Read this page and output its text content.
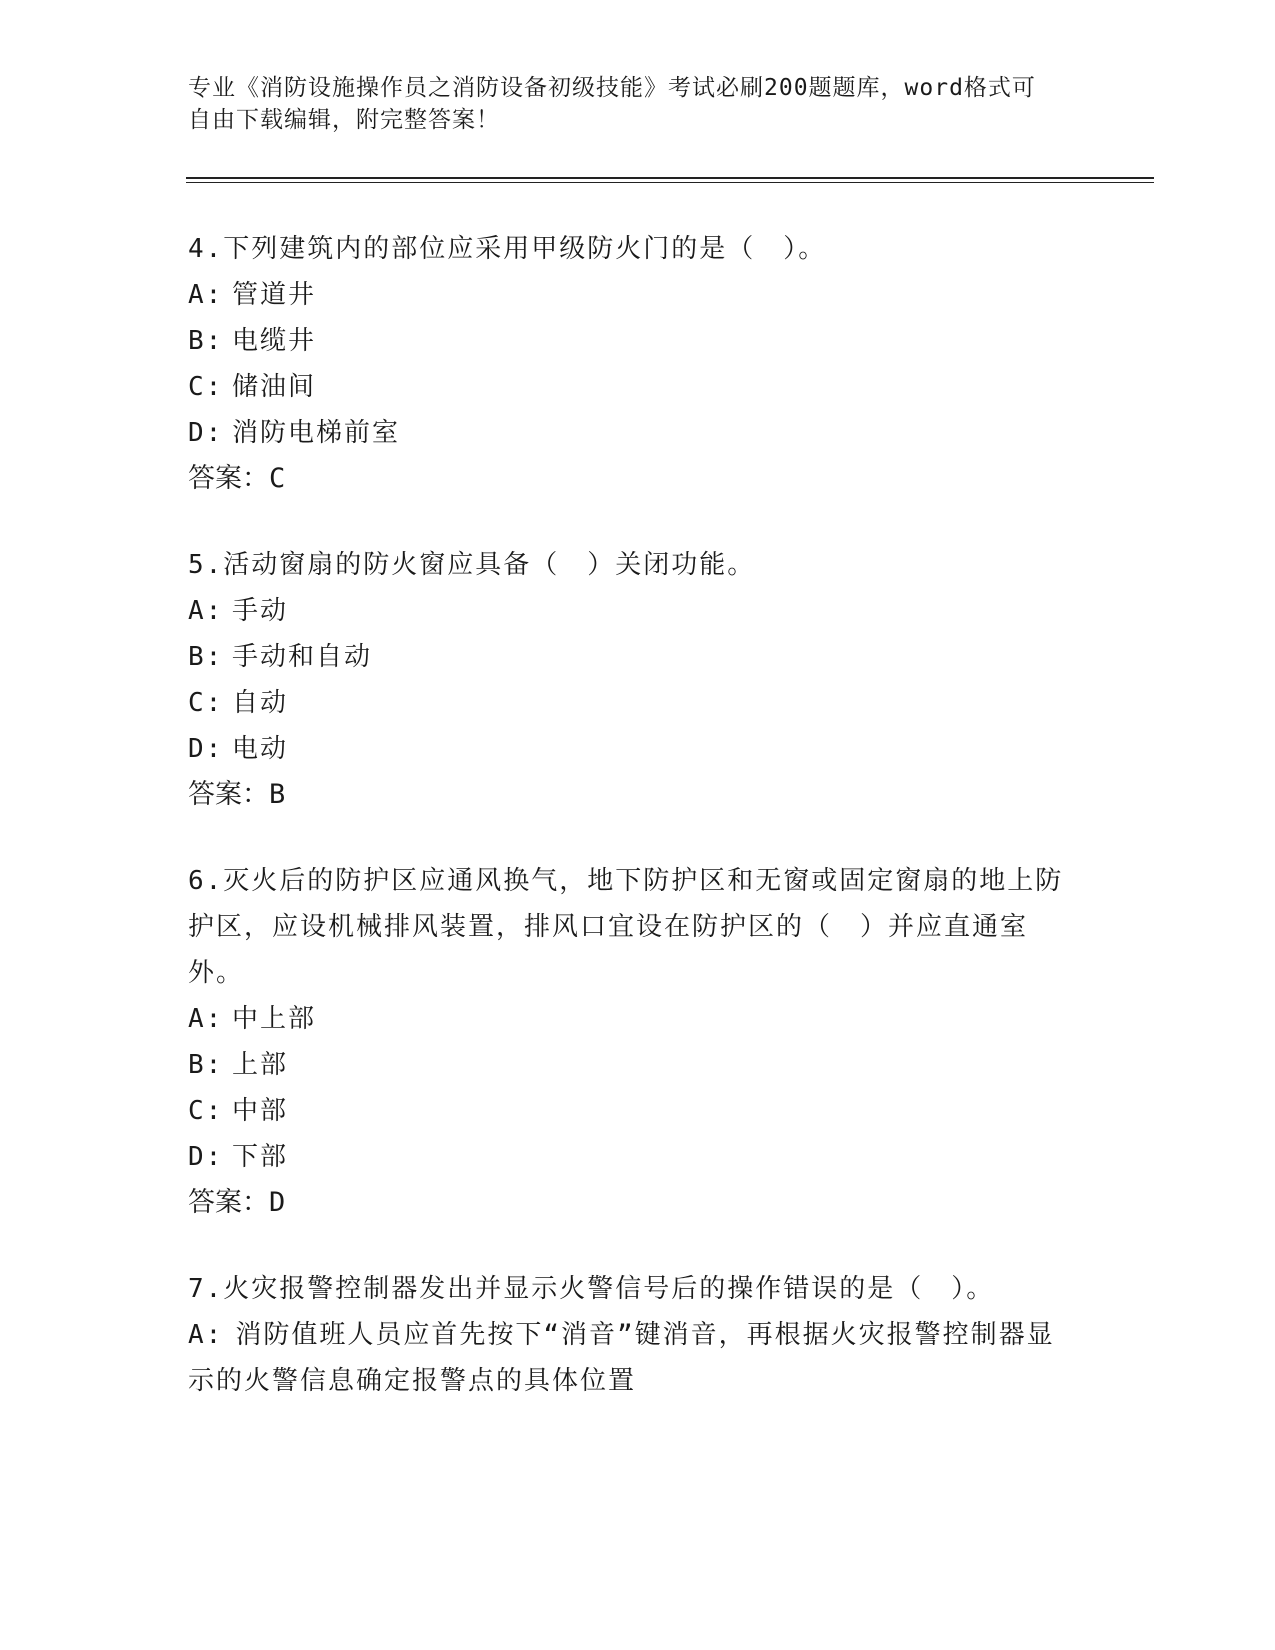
专业《消防设施操作员之消防设备初级技能》考试必刷200题题库，word格式可
自由下载编辑，附完整答案！

4.下列建筑内的部位应采用甲级防火门的是（　）。

A: 管道井

B: 电缆井

C: 储油间

D: 消防电梯前室

答案：C

5.活动窗扇的防火窗应具备（　）关闭功能。

A: 手动

B: 手动和自动

C: 自动

D: 电动

答案：B

6.灭火后的防护区应通风换气，地下防护区和无窗或固定窗扇的地上防护区，应设机械排风装置，排风口宜设在防护区的（　）并应直通室外。

A: 中上部

B: 上部

C: 中部

D: 下部

答案：D

7.火灾报警控制器发出并显示火警信号后的操作错误的是（　）。

A: 消防值班人员应首先按下“消音”键消音，再根据火灾报警控制器显示的火警信息确定报警点的具体位置
